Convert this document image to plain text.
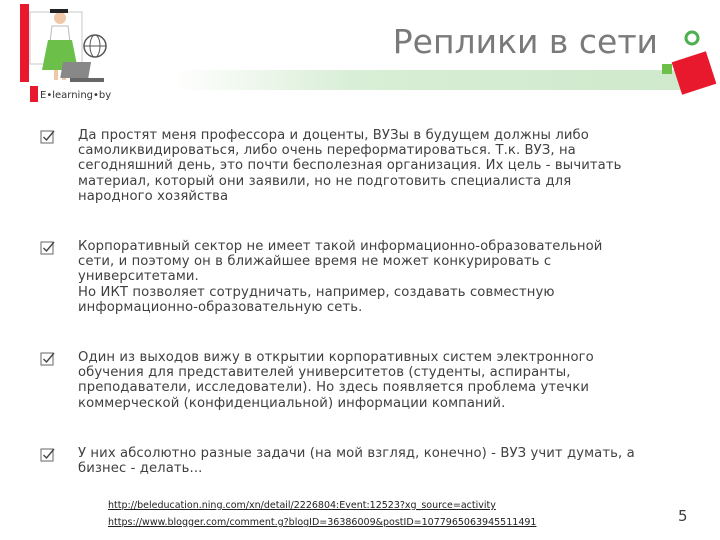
E•learning•by
Реплики в сети
Да простят меня профессора и доценты, ВУЗы в будущем должны либо
самоликвидироваться, либо очень переформатироваться. Т.к. ВУЗ, на
сегодняшний день, это почти бесполезная организация. Их цель - вычитать
материал, который они заявили, но не подготовить специалиста для
народного хозяйства
Корпоративный сектор не имеет такой информационно-образовательной
сети, и поэтому он в ближайшее время не может конкурировать с
университетами.
Но ИКТ позволяет сотрудничать, например, создавать совместную
информационно-образовательную сеть.
Один из выходов вижу в открытии корпоративных систем электронного
обучения для представителей университетов (студенты, аспиранты,
преподаватели, исследователи). Но здесь появляется проблема утечки
коммерческой (конфиденциальной) информации компаний.
У них абсолютно разные задачи (на мой взгляд, конечно) - ВУЗ учит думать, а
бизнес - делать...
http://beleducation.ning.com/xn/detail/2226804:Event:12523?xg_source=activity
https://www.blogger.com/comment.g?blogID=36386009&postID=1077965063945511491	5
